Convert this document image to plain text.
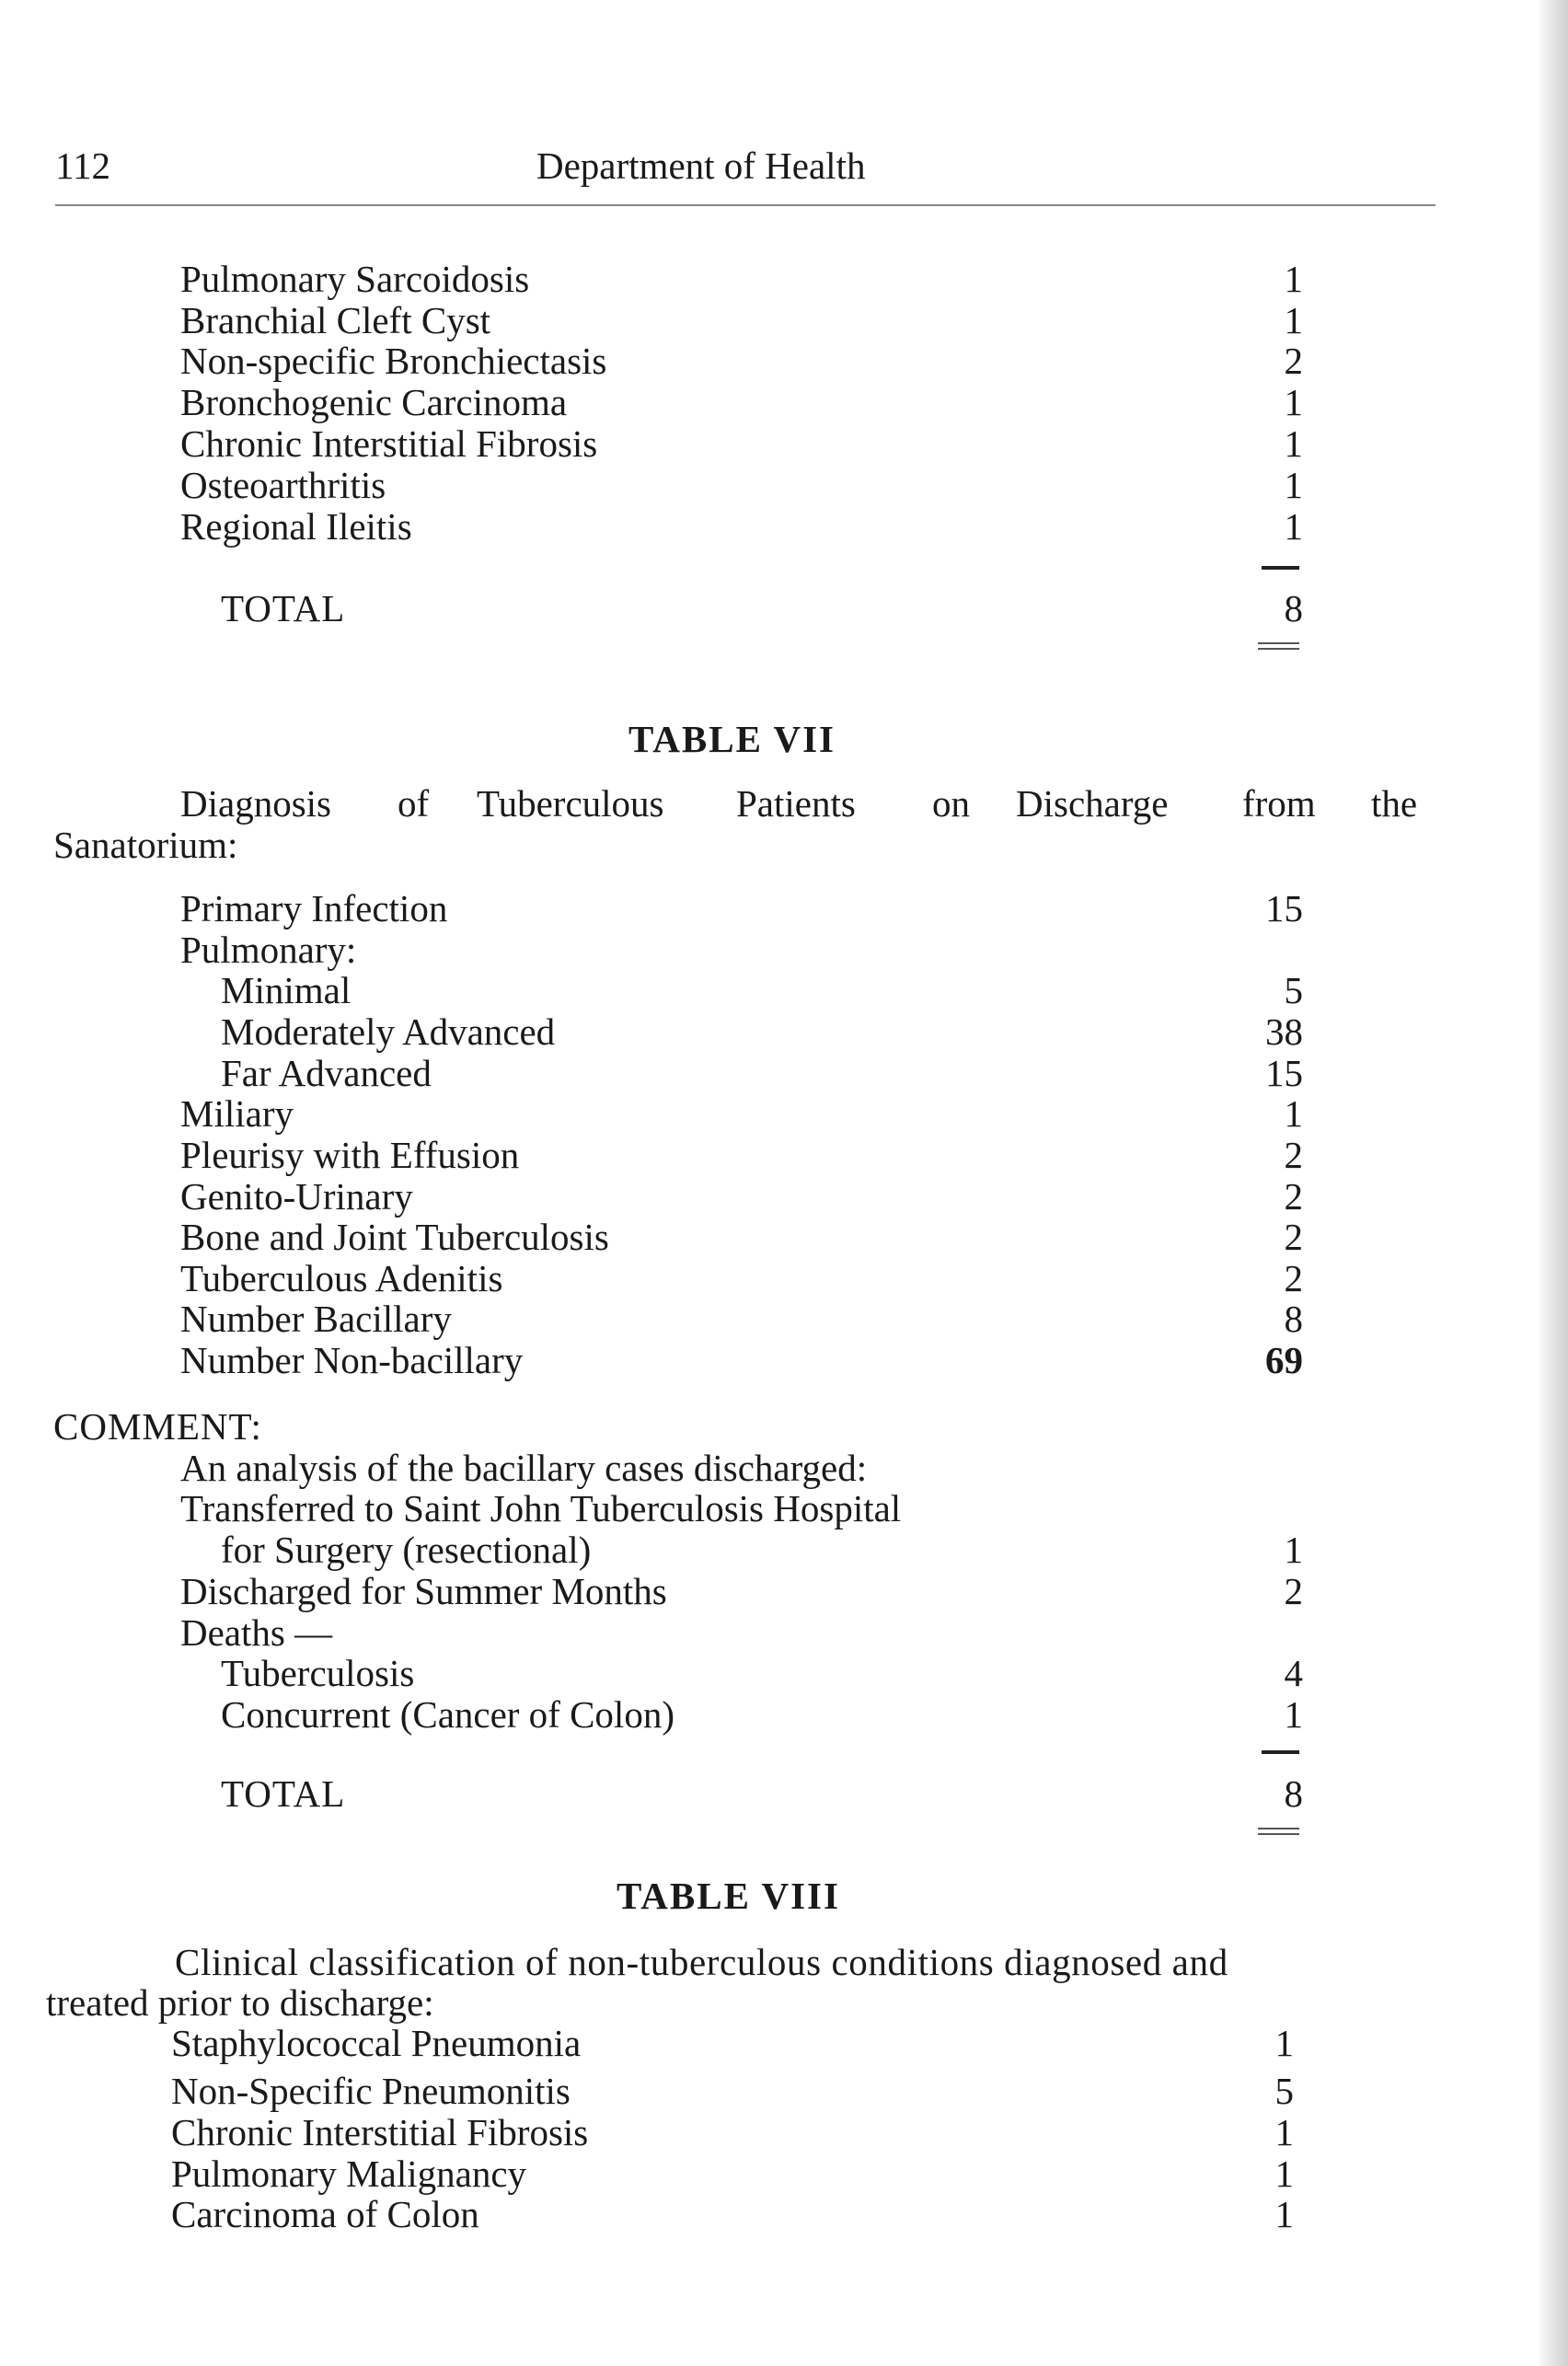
112	Department of Health
Pulmonary Sarcoidosis	1
Branchial Cleft Cyst	1
Non-specific Bronchiectasis	2
Bronchogenic Carcinoma	1
Chronic Interstitial Fibrosis	1
Osteoarthritis	1
Regional Ileitis	1
TOTAL	8
TABLE VII
Diagnosis of Tuberculous Patients on Discharge from the
Sanatorium:
Primary Infection	15
Pulmonary:
Minimal	5
Moderately Advanced	38
Far Advanced	15
Miliary	1
Pleurisy with Effusion	2
Genito-Urinary	2
Bone and Joint Tuberculosis	2
Tuberculous Adenitis	2
Number Bacillary	8
Number Non-bacillary	69
COMMENT:
An analysis of the bacillary cases discharged:
Transferred to Saint John Tuberculosis Hospital
for Surgery (resectional)	1
Discharged for Summer Months	2
Deaths —
Tuberculosis	4
Concurrent (Cancer of Colon)	1
TOTAL	8
TABLE VIII
Clinical classification of non-tuberculous conditions diagnosed and
treated prior to discharge:
Staphylococcal Pneumonia	1
Non-Specific Pneumonitis	5
Chronic Interstitial Fibrosis	1
Pulmonary Malignancy	1
Carcinoma of Colon	1
